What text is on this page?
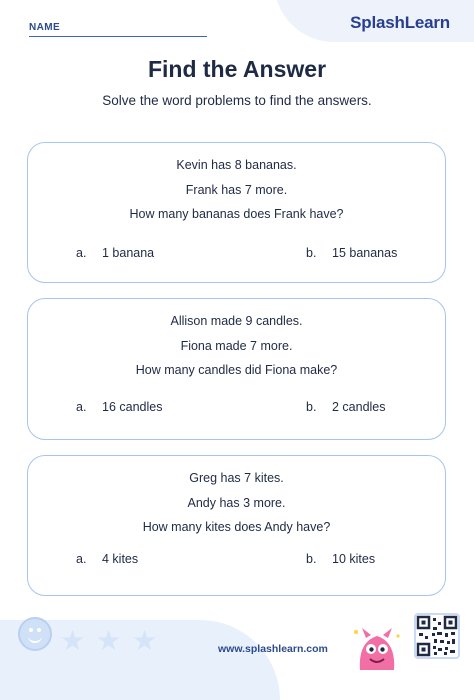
NAME	SplashLearn
Find the Answer
Solve the word problems to find the answers.
Kevin has 8 bananas.
Frank has 7 more.
How many bananas does Frank have?
a. 1 banana	b. 15 bananas
Allison made 9 candles.
Fiona made 7 more.
How many candles did Fiona make?
a. 16 candles	b. 2 candles
Greg has 7 kites.
Andy has 3 more.
How many kites does Andy have?
a. 4 kites	b. 10 kites
★ ★ ★	www.splashlearn.com
